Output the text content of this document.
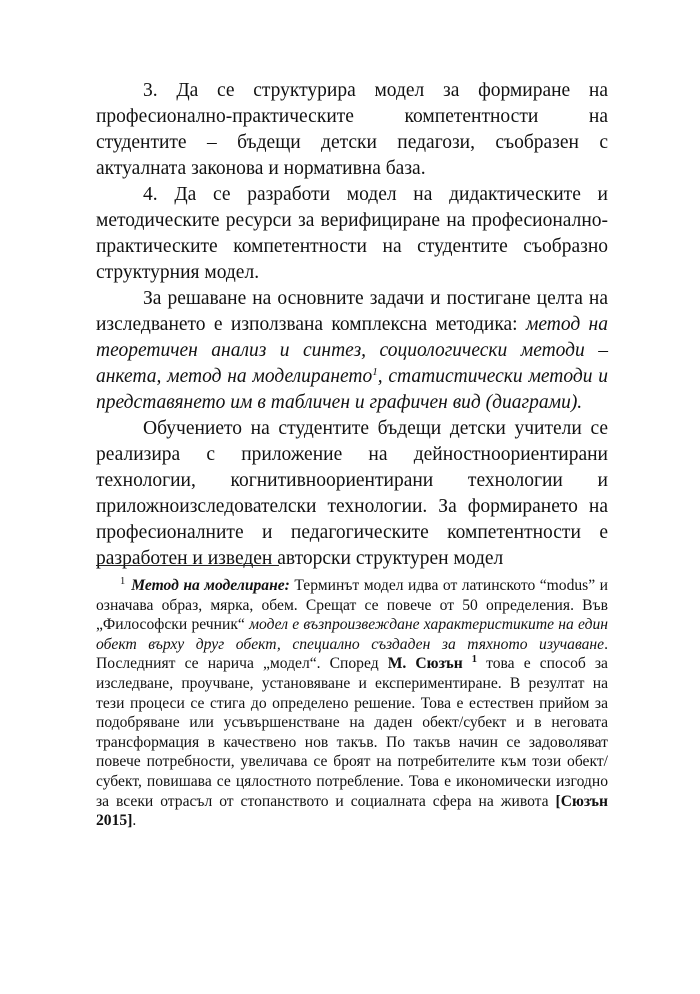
3. Да се структурира модел за формиране на професионално-практическите компетентности на студентите – бъдещи детски педагози, съобразен с актуалната законова и нормативна база.

4. Да се разработи модел на дидактическите и методическите ресурси за верифициране на професионално-практическите компетентности на студентите съобразно структурния модел.

За решаване на основните задачи и постигане целта на изследването е използвана комплексна методика: метод на теоретичен анализ и синтез, социологически методи – анкета, метод на моделирането$^1$, статистически методи и представянето им в табличен и графичен вид (диаграми).

Обучението на студентите бъдещи детски учители се реализира с приложение на дейностноориентирани технологии, когнитивноориентирани технологии и приложноизследователски технологии. За формирането на професионалните и педагогическите компетентности е разработен и изведен авторски структурен модел

$^1$ Метод на моделиране: Терминът модел идва от латинското “modus” и означава образ, мярка, обем. Срещат се повече от 50 определения. Във „Философски речник“ модел е възпроизвеждане характеристиките на един обект върху друг обект, специално създаден за тяхното изучаване. Последният се нарича „модел“. Според М. Сюзън $^1$ това е способ за изследване, проучване, установяване и експериментиране. В резултат на тези процеси се стига до определено решение. Това е естествен прийом за подобряване или усъвършенстване на даден обект/субект и в неговата трансформация в качествено нов такъв. По такъв начин се задоволяват повече потребности, увеличава се броят на потребителите към този обект/субект, повишава се цялостното потребление. Това е икономически изгодно за всеки отрасъл от стопанството и социалната сфера на живота [Сюзън 2015].
